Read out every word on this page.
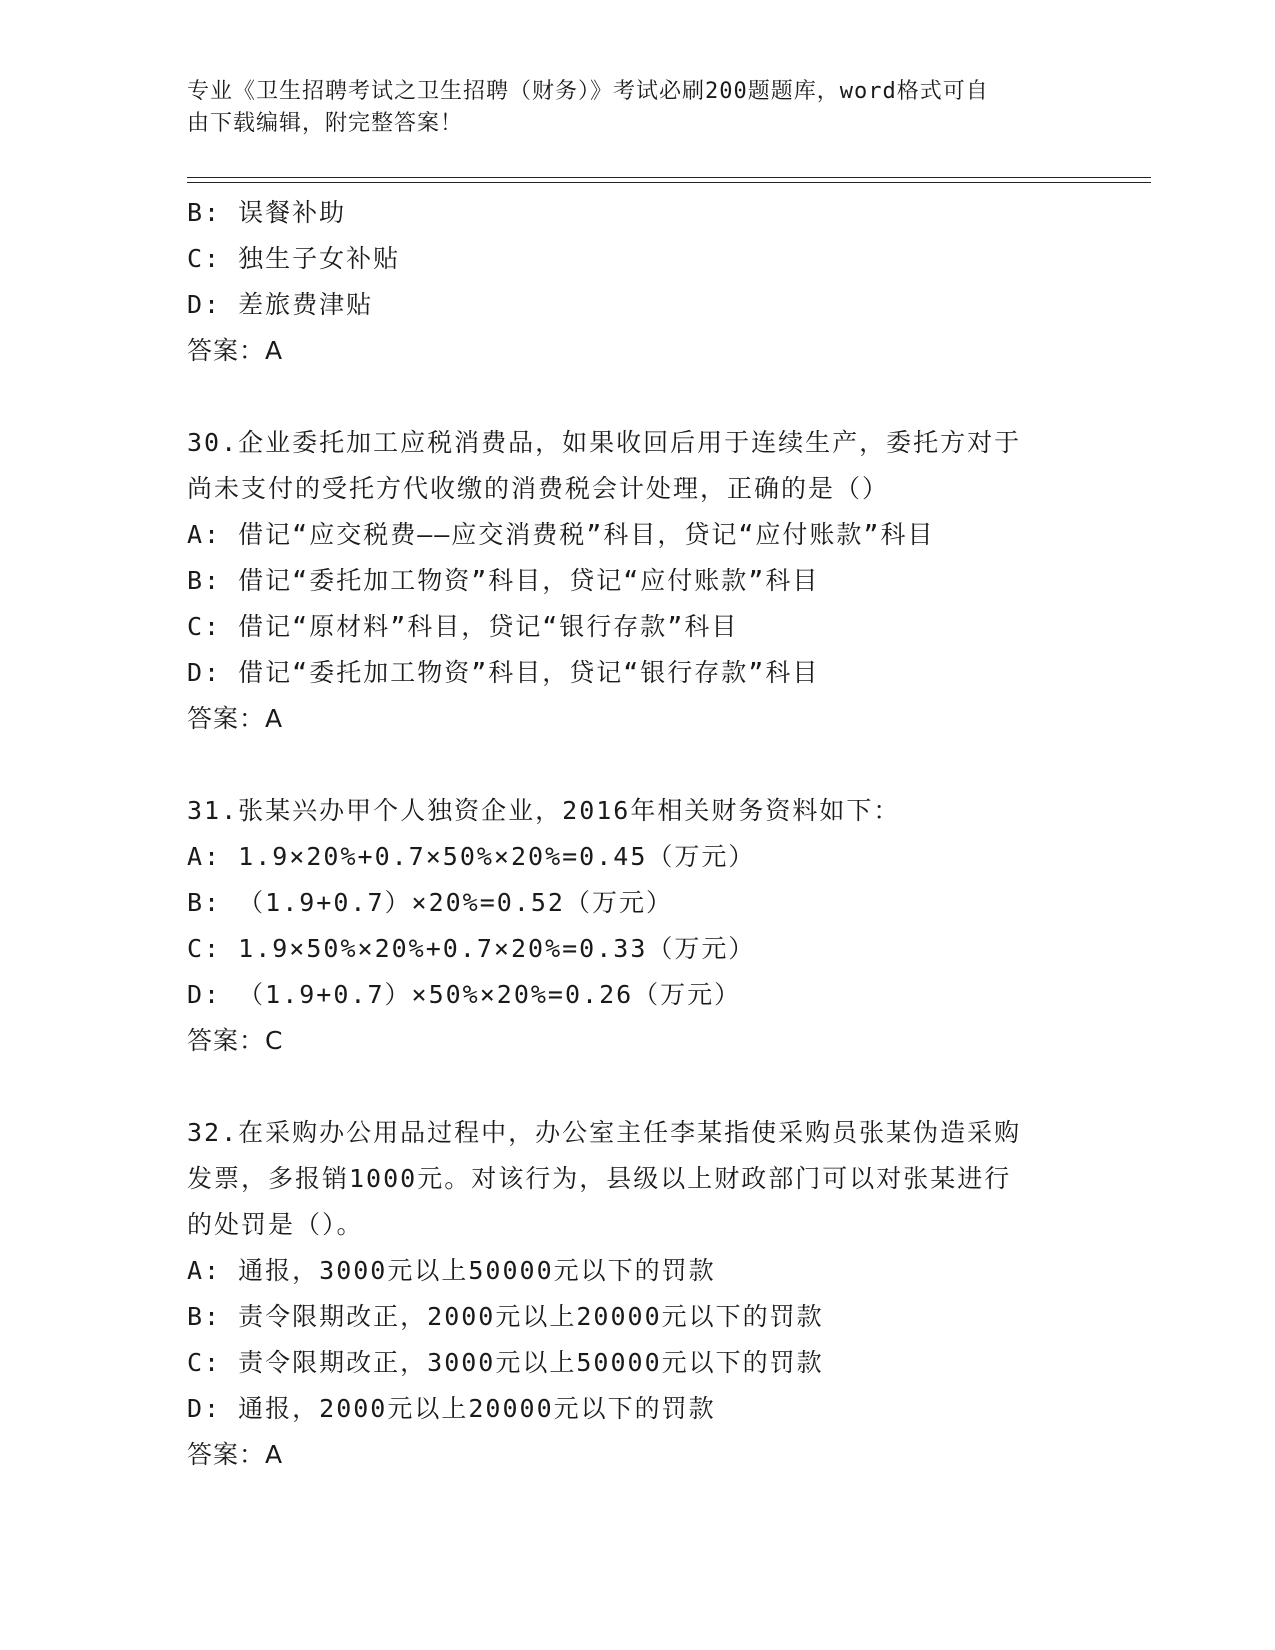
专业《卫生招聘考试之卫生招聘（财务）》考试必刷200题题库，word格式可自
由下载编辑，附完整答案！
B: 误餐补助
C: 独生子女补贴
D: 差旅费津贴
答案：A
30.企业委托加工应税消费品，如果收回后用于连续生产，委托方对于
尚未支付的受托方代收缴的消费税会计处理，正确的是（）
A: 借记“应交税费——应交消费税”科目，贷记“应付账款”科目
B: 借记“委托加工物资”科目，贷记“应付账款”科目
C: 借记“原材料”科目，贷记“银行存款”科目
D: 借记“委托加工物资”科目，贷记“银行存款”科目
答案：A
31.张某兴办甲个人独资企业，2016年相关财务资料如下：
A: 1.9×20%+0.7×50%×20%=0.45（万元）
B: （1.9+0.7）×20%=0.52（万元）
C: 1.9×50%×20%+0.7×20%=0.33（万元）
D: （1.9+0.7）×50%×20%=0.26（万元）
答案：C
32.在采购办公用品过程中，办公室主任李某指使采购员张某伪造采购
发票，多报销1000元。对该行为，县级以上财政部门可以对张某进行
的处罚是（）。
A: 通报，3000元以上50000元以下的罚款
B: 责令限期改正，2000元以上20000元以下的罚款
C: 责令限期改正，3000元以上50000元以下的罚款
D: 通报，2000元以上20000元以下的罚款
答案：A
